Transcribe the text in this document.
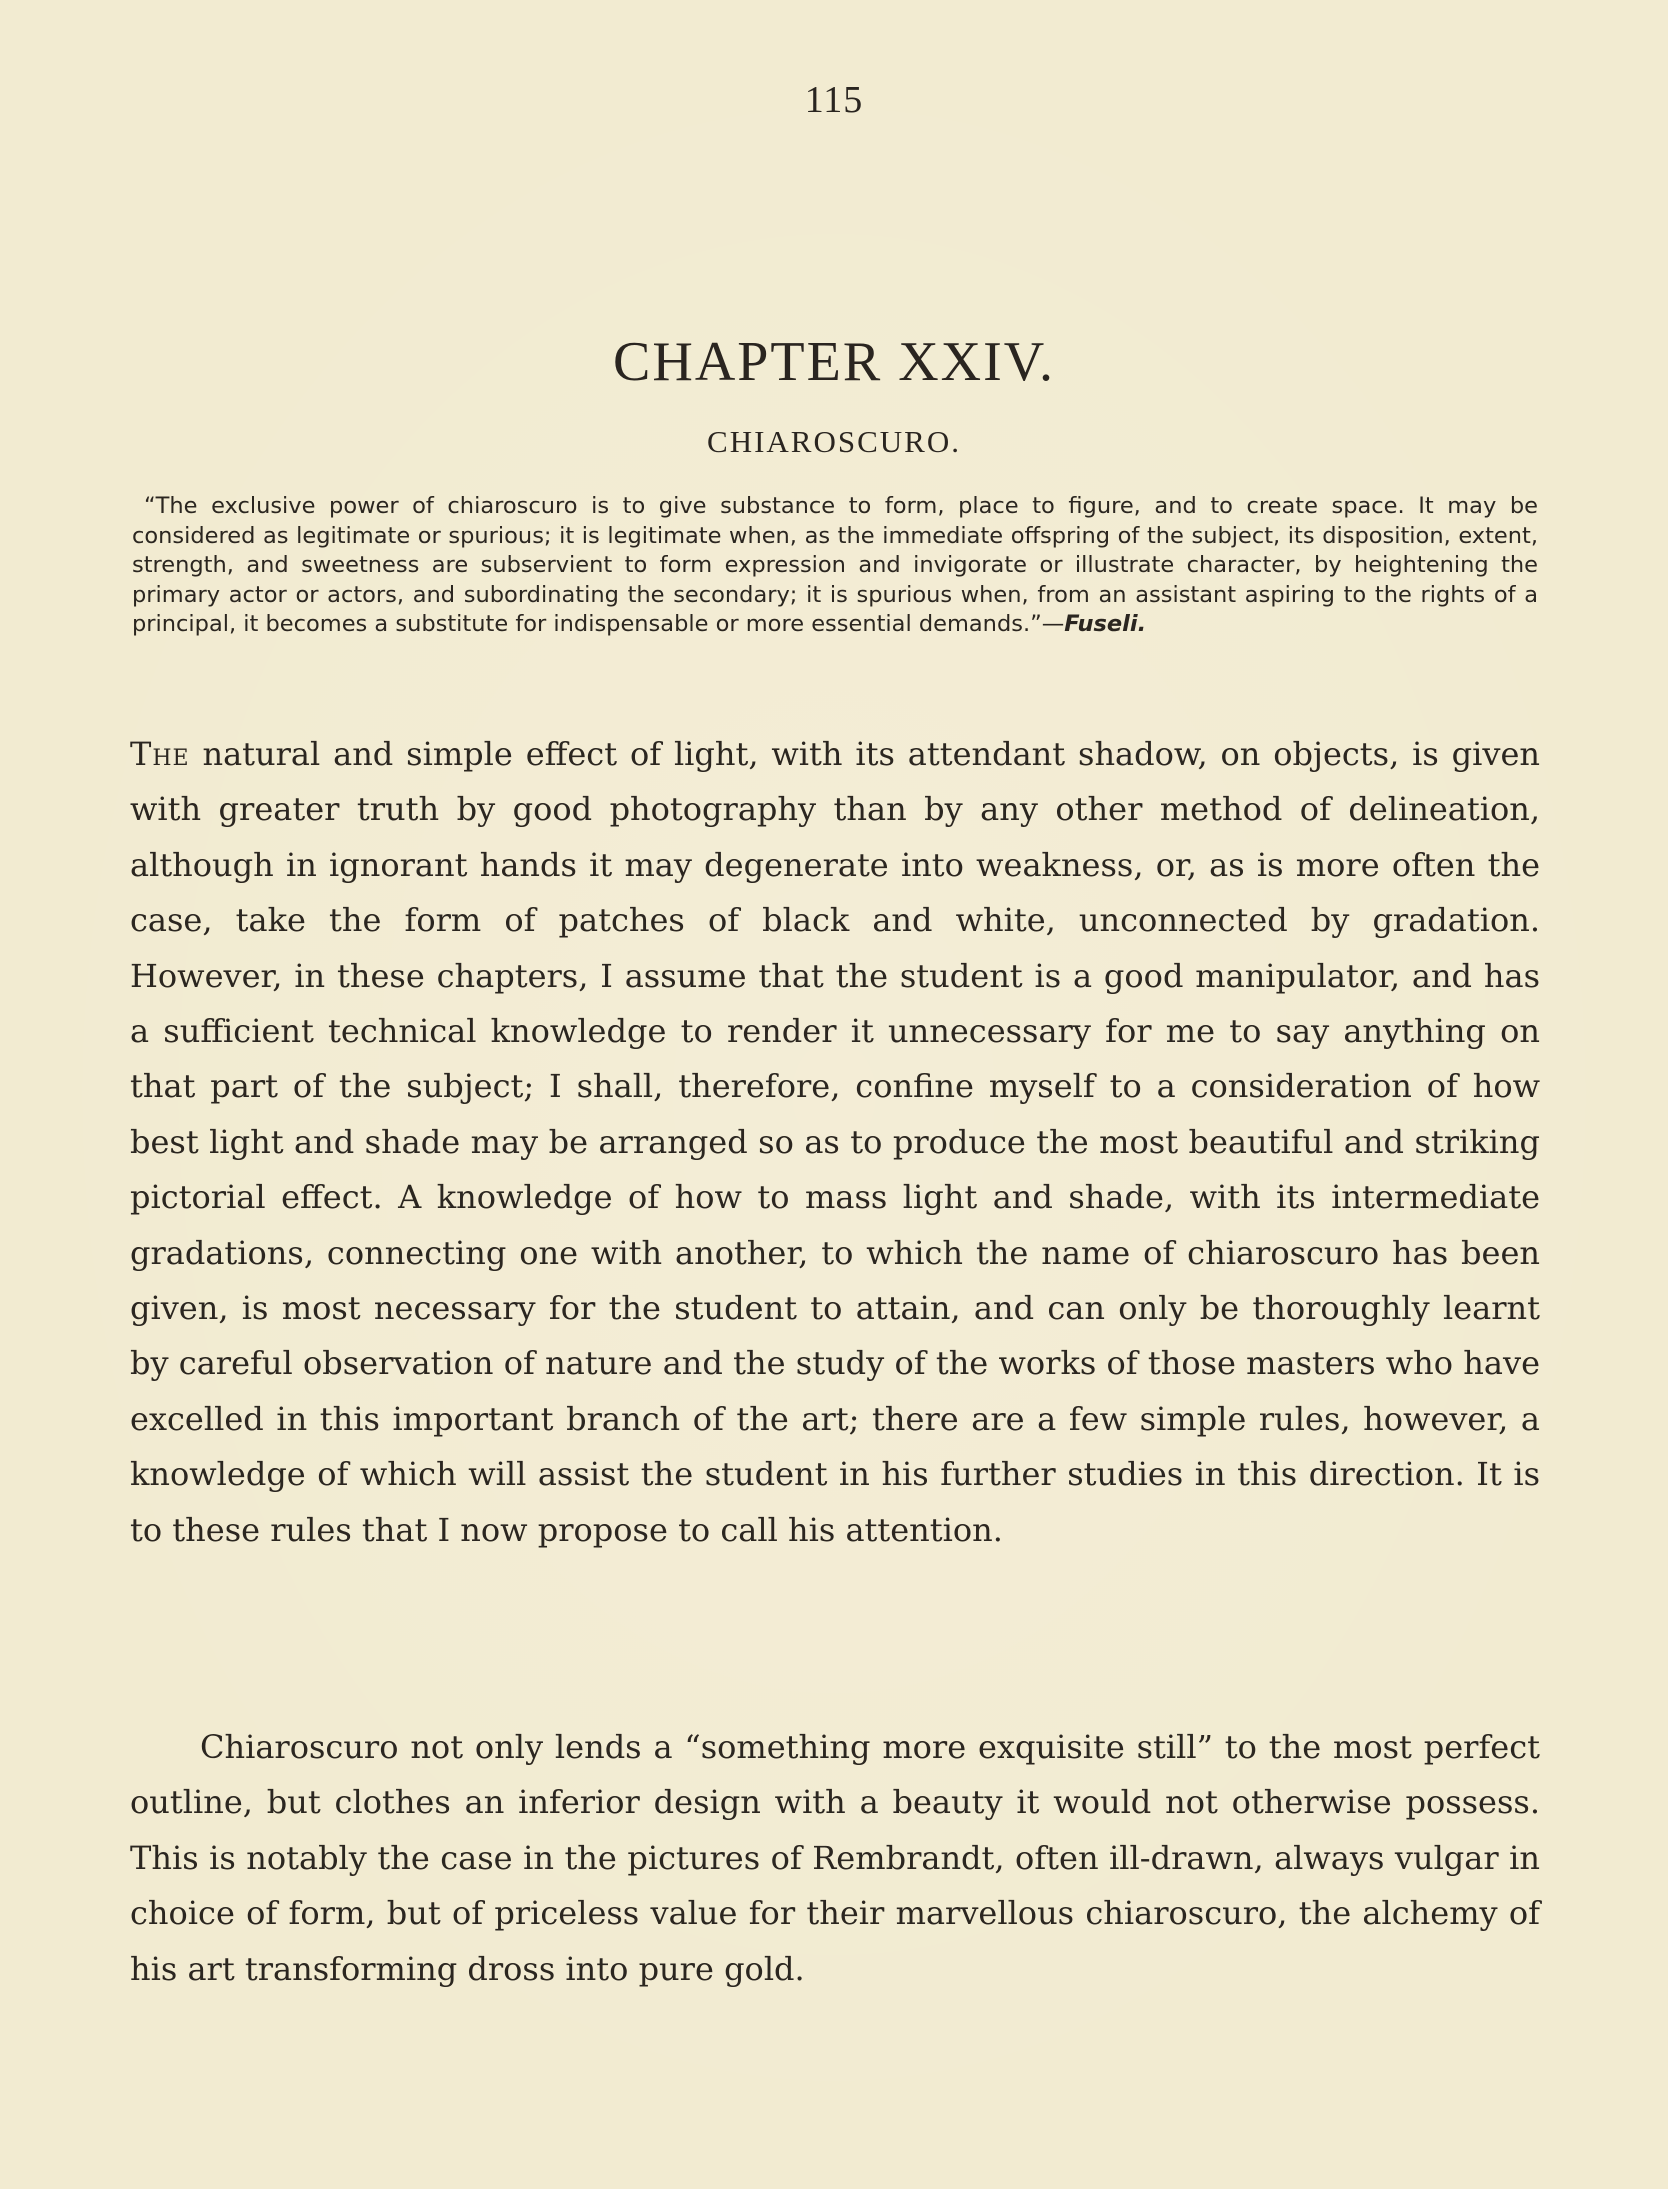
115
CHAPTER XXIV.
CHIAROSCURO.
“The exclusive power of chiaroscuro is to give substance to form, place to figure, and to create space. It may be considered as legitimate or spurious; it is legitimate when, as the immediate offspring of the subject, its disposition, extent, strength, and sweetness are subservient to form expression and invigorate or illustrate character, by heightening the primary actor or actors, and subordinating the secondary; it is spurious when, from an assistant aspiring to the rights of a principal, it becomes a substitute for indispensable or more essential demands.”—Fuseli.

The natural and simple effect of light, with its attendant shadow, on objects, is given with greater truth by good photography than by any other method of delineation, although in ignorant hands it may degenerate into weakness, or, as is more often the case, take the form of patches of black and white, unconnected by gradation. However, in these chapters, I assume that the student is a good manipulator, and has a sufficient technical knowledge to render it unnecessary for me to say anything on that part of the subject; I shall, therefore, confine myself to a consideration of how best light and shade may be arranged so as to produce the most beautiful and striking pictorial effect. A knowledge of how to mass light and shade, with its intermediate gradations, connecting one with another, to which the name of chiaroscuro has been given, is most necessary for the student to attain, and can only be thoroughly learnt by careful observation of nature and the study of the works of those masters who have excelled in this important branch of the art; there are a few simple rules, however, a knowledge of which will assist the student in his further studies in this direction. It is to these rules that I now propose to call his attention.

Chiaroscuro not only lends a “something more exquisite still” to the most perfect outline, but clothes an inferior design with a beauty it would not otherwise possess. This is notably the case in the pictures of Rembrandt, often ill-drawn, always vulgar in choice of form, but of priceless value for their marvellous chiaroscuro, the alchemy of his art transforming dross into pure gold.
